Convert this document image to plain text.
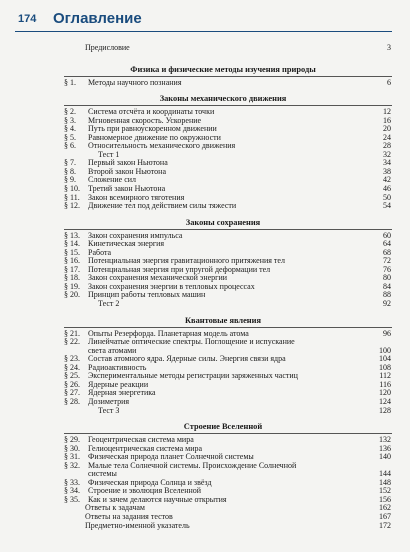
174 Оглавление
Предисловие	3
Физика и физические методы изучения природы
§ 1.	Методы научного познания	6
Законы механического движения
§ 2.	Система отсчёта и координаты точки	12
§ 3.	Мгновенная скорость. Ускорение	16
§ 4.	Путь при равноускоренном движении	20
§ 5.	Равномерное движение по окружности	24
§ 6.	Относительность механического движения	28
Тест 1	32
§ 7.	Первый закон Ньютона	34
§ 8.	Второй закон Ньютона	38
§ 9.	Сложение сил	42
§ 10.	Третий закон Ньютона	46
§ 11.	Закон всемирного тяготения	50
§ 12.	Движение тел под действием силы тяжести	54
Законы сохранения
§ 13.	Закон сохранения импульса	60
§ 14.	Кинетическая энергия	64
§ 15.	Работа	68
§ 16.	Потенциальная энергия гравитационного притяжения тел	72
§ 17.	Потенциальная энергия при упругой деформации тел	76
§ 18.	Закон сохранения механической энергии	80
§ 19.	Закон сохранения энергии в тепловых процессах	84
§ 20.	Принцип работы тепловых машин	88
Тест 2	92
Квантовые явления
§ 21.	Опыты Резерфорда. Планетарная модель атома	96
§ 22.	Линейчатые оптические спектры. Поглощение и испускание
света атомами	100
§ 23.	Состав атомного ядра. Ядерные силы. Энергия связи ядра	104
§ 24.	Радиоактивность	108
§ 25.	Экспериментальные методы регистрации заряженных частиц	112
§ 26.	Ядерные реакции	116
§ 27.	Ядерная энергетика	120
§ 28.	Дозиметрия	124
Тест 3	128
Строение Вселенной
§ 29.	Геоцентрическая система мира	132
§ 30.	Гелиоцентрическая система мира	136
§ 31.	Физическая природа планет Солнечной системы	140
§ 32.	Малые тела Солнечной системы. Происхождение Солнечной
системы	144
§ 33.	Физическая природа Солнца и звёзд	148
§ 34.	Строение и эволюция Вселенной	152
§ 35.	Как и зачем делаются научные открытия	156
Ответы к задачам	162
Ответы на задания тестов	167
Предметно-именной указатель	172
